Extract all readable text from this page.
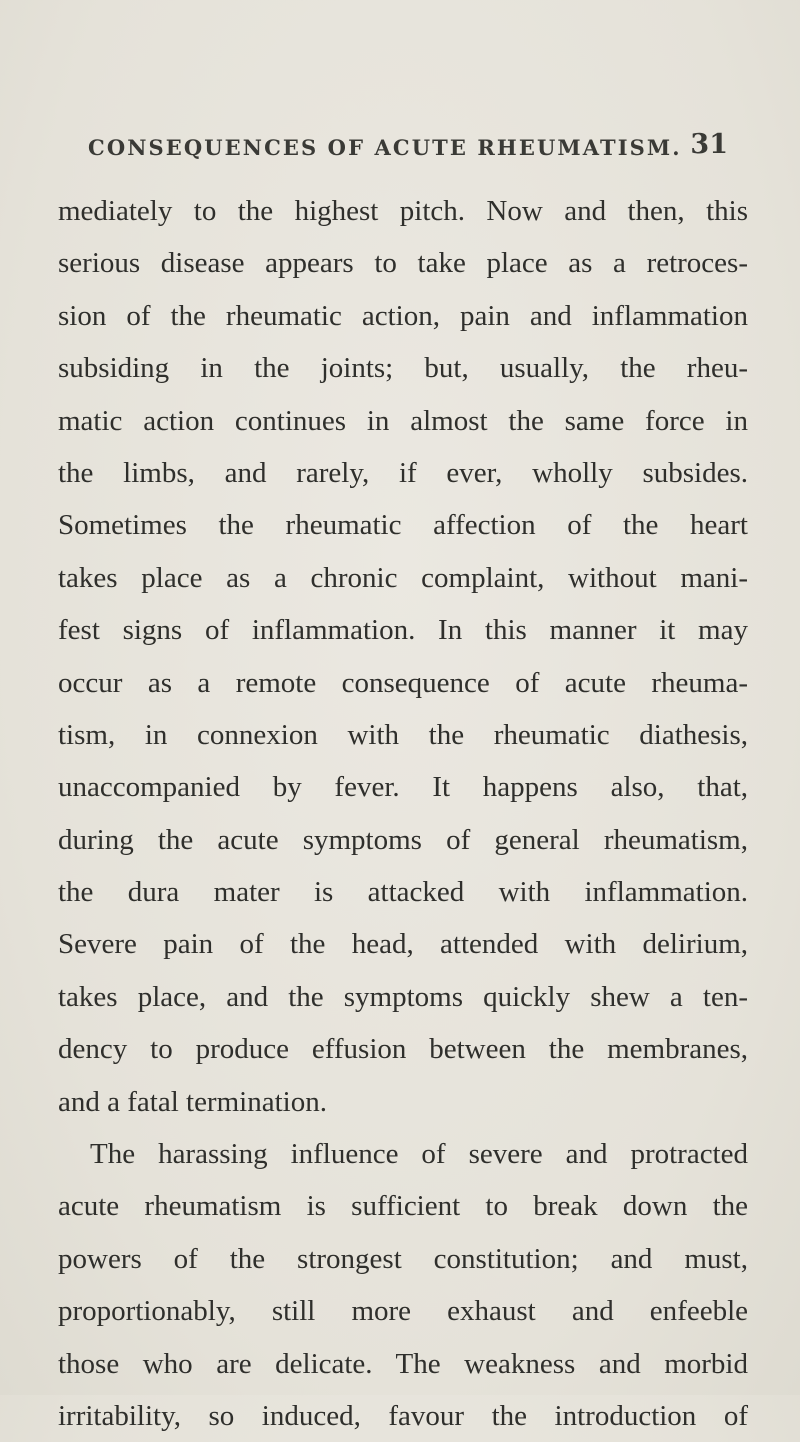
CONSEQUENCES OF ACUTE RHEUMATISM. 31
mediately to the highest pitch. Now and then, this
serious disease appears to take place as a retroces-
sion of the rheumatic action, pain and inflammation
subsiding in the joints; but, usually, the rheu-
matic action continues in almost the same force in
the limbs, and rarely, if ever, wholly subsides.
Sometimes the rheumatic affection of the heart
takes place as a chronic complaint, without mani-
fest signs of inflammation. In this manner it may
occur as a remote consequence of acute rheuma-
tism, in connexion with the rheumatic diathesis,
unaccompanied by fever. It happens also, that,
during the acute symptoms of general rheumatism,
the dura mater is attacked with inflammation.
Severe pain of the head, attended with delirium,
takes place, and the symptoms quickly shew a ten-
dency to produce effusion between the membranes,
and a fatal termination.
The harassing influence of severe and protracted
acute rheumatism is sufficient to break down the
powers of the strongest constitution; and must,
proportionably, still more exhaust and enfeeble
those who are delicate. The weakness and morbid
irritability, so induced, favour the introduction of
